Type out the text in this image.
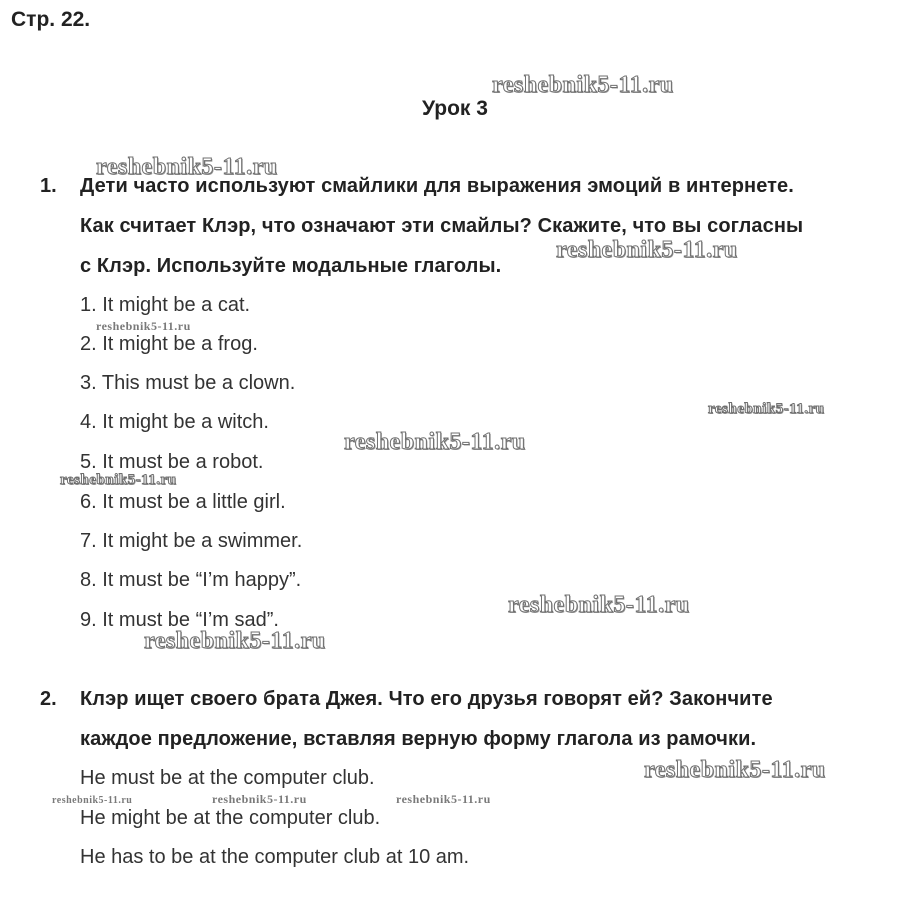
Стр. 22.
Урок 3
1. Дети часто используют смайлики для выражения эмоций в интернете.
Как считает Клэр, что означают эти смайлы? Скажите, что вы согласны
с Клэр. Используйте модальные глаголы.
1. It might be a cat.
2. It might be a frog.
3. This must be a clown.
4. It might be a witch.
5. It must be a robot.
6. It must be a little girl.
7. It might be a swimmer.
8. It must be “I’m happy”.
9. It must be “I’m sad”.
2. Клэр ищет своего брата Джея. Что его друзья говорят ей? Закончите
каждое предложение, вставляя верную форму глагола из рамочки.
He must be at the computer club.
He might be at the computer club.
He has to be at the computer club at 10 am.
reshebnik5-11.ru
reshebnik5-11.ru
reshebnik5-11.ru
reshebnik5-11.ru
reshebnik5-11.ru
reshebnik5-11.ru
reshebnik5-11.ru
reshebnik5-11.ru
reshebnik5-11.ru
reshebnik5-11.ru
reshebnik5-11.ru	reshebnik5-11.ru	reshebnik5-11.ru
